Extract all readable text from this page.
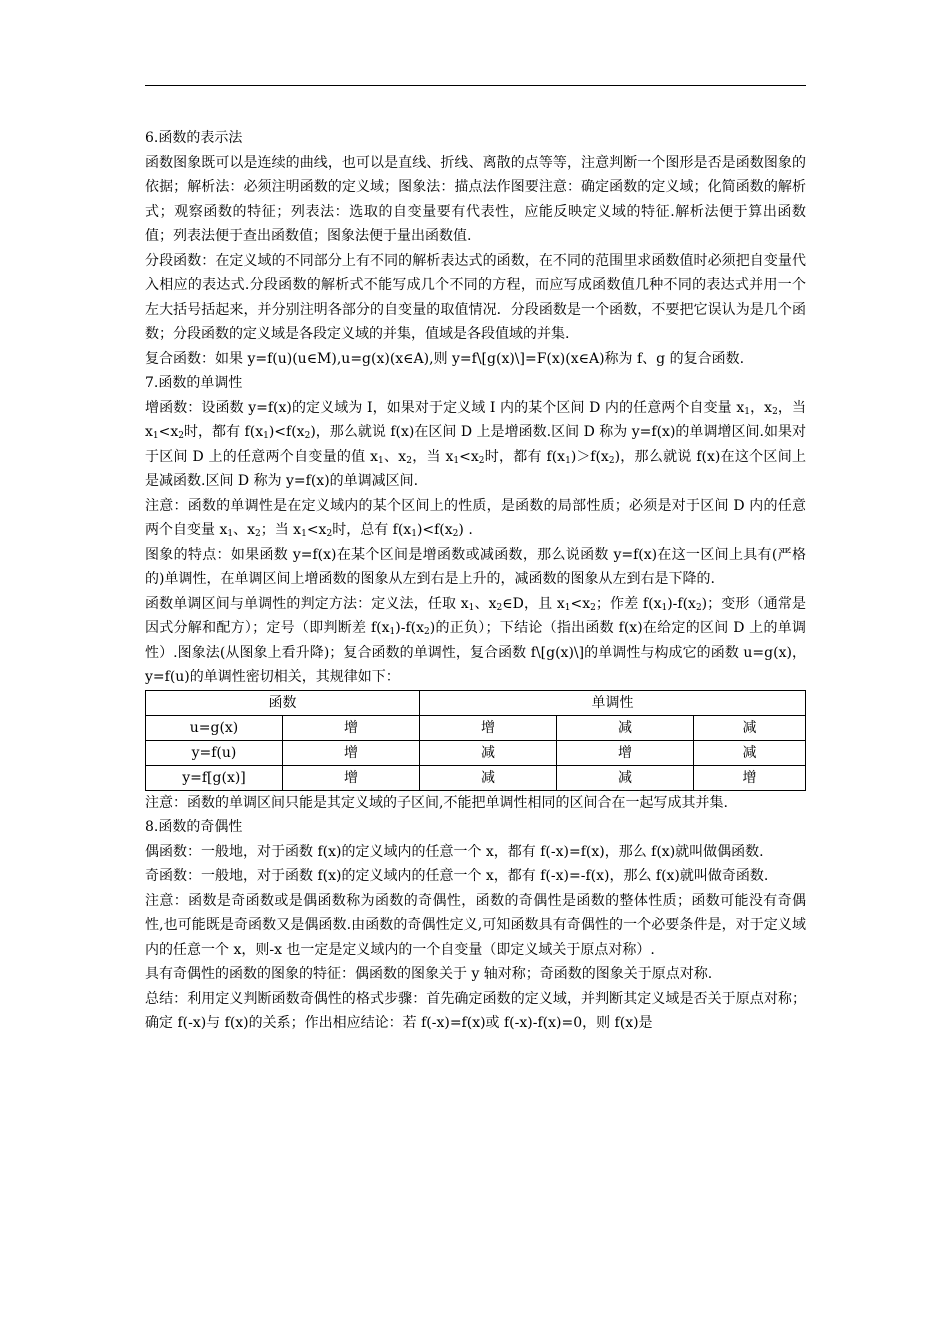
6.函数的表示法

函数图象既可以是连续的曲线，也可以是直线、折线、离散的点等等，注意判断一个图形是否是函数图象的依据；解析法：必须注明函数的定义域；图象法：描点法作图要注意：确定函数的定义域；化简函数的解析式；观察函数的特征；列表法：选取的自变量要有代表性，应能反映定义域的特征.解析法便于算出函数值；列表法便于查出函数值；图象法便于量出函数值.

分段函数：在定义域的不同部分上有不同的解析表达式的函数，在不同的范围里求函数值时必须把自变量代入相应的表达式.分段函数的解析式不能写成几个不同的方程，而应写成函数值几种不同的表达式并用一个左大括号括起来，并分别注明各部分的自变量的取值情况．分段函数是一个函数，不要把它误认为是几个函数；分段函数的定义域是各段定义域的并集，值域是各段值域的并集.

复合函数：如果 y=f(u)(u∈M),u=g(x)(x∈A),则 y=f\[g(x)\]=F(x)(x∈A)称为 f、g 的复合函数.

7.函数的单调性

增函数：设函数 y=f(x)的定义域为 I，如果对于定义域 I 内的某个区间 D 内的任意两个自变量 $x_1$，$x_2$，当 $x_1<x_2$时，都有 $f(x_1)<f(x_2)$，那么就说 f(x)在区间 D 上是增函数.区间 D 称为 y=f(x)的单调增区间.如果对于区间 D 上的任意两个自变量的值 $x_1$、$x_2$，当 $x_1<x_2$时，都有 $f(x_1)>f(x_2)$，那么就说 f(x)在这个区间上是减函数.区间 D 称为 y=f(x)的单调减区间.

注意：函数的单调性是在定义域内的某个区间上的性质，是函数的局部性质；必须是对于区间 D 内的任意两个自变量 $x_1$、$x_2$；当 $x_1<x_2$时，总有 $f(x_1)<f(x_2)$ .

图象的特点：如果函数 y=f(x)在某个区间是增函数或减函数，那么说函数 y=f(x)在这一区间上具有(严格的)单调性，在单调区间上增函数的图象从左到右是上升的，减函数的图象从左到右是下降的.

函数单调区间与单调性的判定方法：定义法，任取 $x_1$、$x_2\in D$，且 $x_1<x_2$；作差 $f(x_1)-f(x_2)$；变形（通常是因式分解和配方）；定号（即判断差 $f(x_1)-f(x_2)$的正负）；下结论（指出函数 f(x)在给定的区间 D 上的单调性）.图象法(从图象上看升降)；复合函数的单调性，复合函数 f\[g(x)\]的单调性与构成它的函数 u=g(x)，y=f(u)的单调性密切相关，其规律如下：

函数		单调性		
u=g(x)	增	增	减	减
y=f(u)	增	减	增	减
y=f[g(x)]	增	减	减	增

注意：函数的单调区间只能是其定义域的子区间,不能把单调性相同的区间合在一起写成其并集.

8.函数的奇偶性

偶函数：一般地，对于函数 f(x)的定义域内的任意一个 x，都有 f(-x)=f(x)，那么 f(x)就叫做偶函数.

奇函数：一般地，对于函数 f(x)的定义域内的任意一个 x，都有 f(-x)=-f(x)，那么 f(x)就叫做奇函数.

注意：函数是奇函数或是偶函数称为函数的奇偶性，函数的奇偶性是函数的整体性质；函数可能没有奇偶性,也可能既是奇函数又是偶函数.由函数的奇偶性定义,可知函数具有奇偶性的一个必要条件是，对于定义域内的任意一个 x，则-x 也一定是定义域内的一个自变量（即定义域关于原点对称）.

具有奇偶性的函数的图象的特征：偶函数的图象关于 y 轴对称；奇函数的图象关于原点对称.

总结：利用定义判断函数奇偶性的格式步骤：首先确定函数的定义域，并判断其定义域是否关于原点对称；确定 f(-x)与 f(x)的关系；作出相应结论：若 f(-x)=f(x)或 f(-x)-f(x)=0，则 f(x)是
